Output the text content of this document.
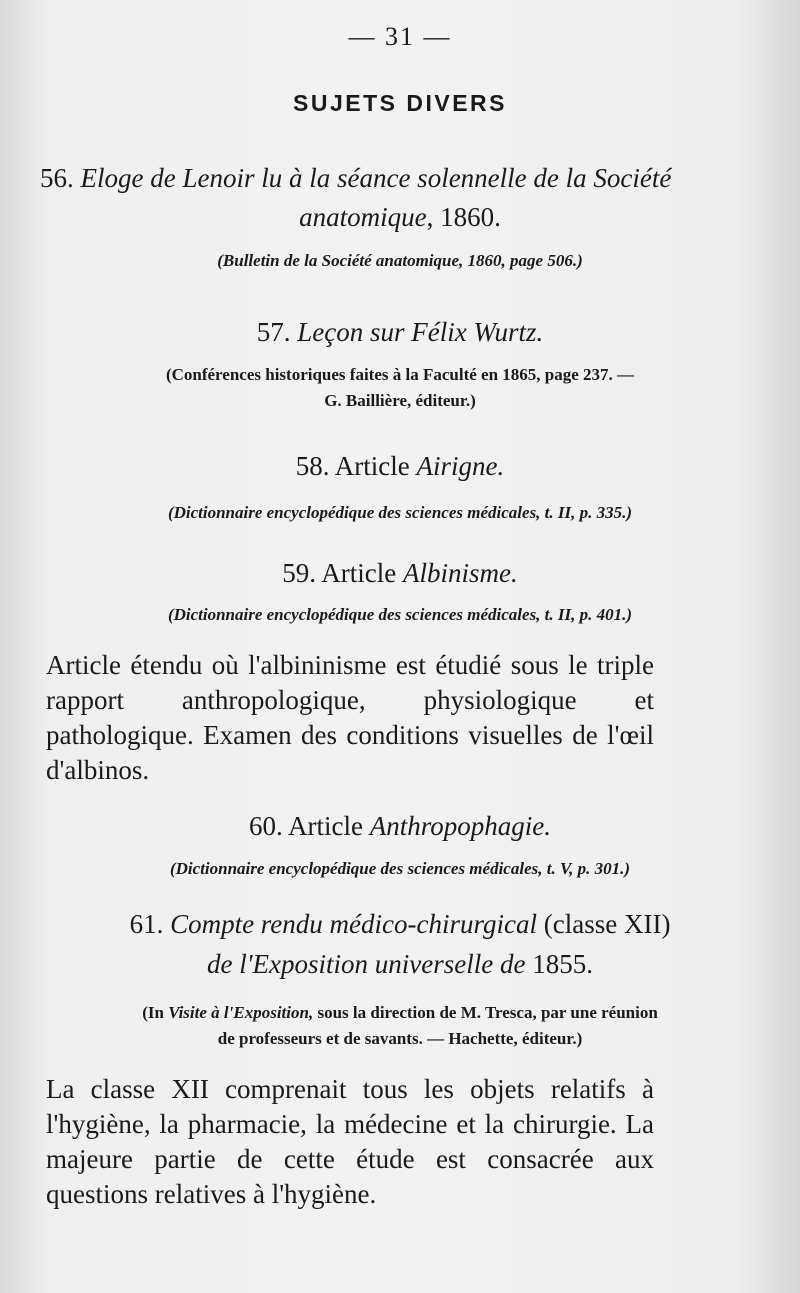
— 31 —
SUJETS DIVERS
56. Eloge de Lenoir lu à la séance solennelle de la Société
anatomique, 1860.
(Bulletin de la Société anatomique, 1860, page 506.)
57. Leçon sur Félix Wurtz.
(Conférences historiques faites à la Faculté en 1865, page 237. —
G. Baillière, éditeur.)
58. Article Airigne.
(Dictionnaire encyclopédique des sciences médicales, t. II, p. 335.)
59. Article Albinisme.
(Dictionnaire encyclopédique des sciences médicales, t. II, p. 401.)
Article étendu où l'albininisme est étudié sous le triple rapport anthropologique, physiologique et pathologique. Examen des conditions visuelles de l'œil d'albinos.
60. Article Anthropophagie.
(Dictionnaire encyclopédique des sciences médicales, t. V, p. 301.)
61. Compte rendu médico-chirurgical (classe XII)
de l'Exposition universelle de 1855.
(In Visite à l'Exposition, sous la direction de M. Tresca, par une réunion
de professeurs et de savants. — Hachette, éditeur.)
La classe XII comprenait tous les objets relatifs à l'hygiène, la pharmacie, la médecine et la chirurgie. La majeure partie de cette étude est consacrée aux questions relatives à l'hygiène.
